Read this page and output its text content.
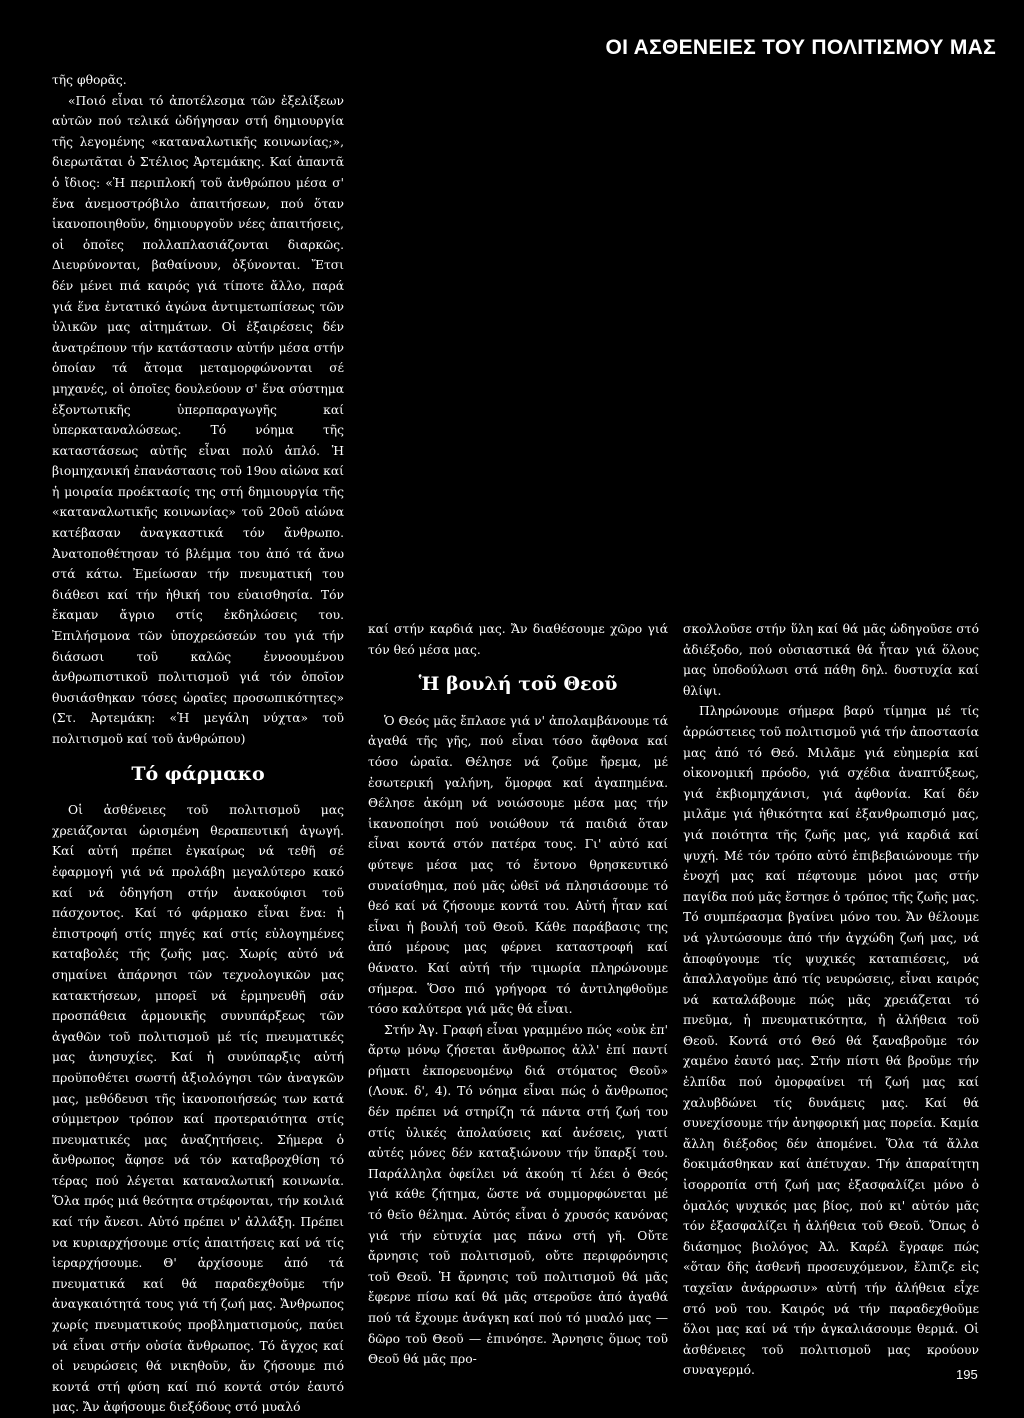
ΟΙ ΑΣΘΕΝΕΙΕΣ ΤΟΥ ΠΟΛΙΤΙΣΜΟΥ ΜΑΣ

τῆς φθορᾶς.

«Ποιό εἶναι τό ἀποτέλεσμα τῶν ἐξελίξεων αὐτῶν πού τελικά ὡδήγησαν στή δημιουργία τῆς λεγομένης «καταναλωτικῆς κοινωνίας;», διερωτᾶται ὁ Στέλιος Ἀρτεμάκης. Καί ἀπαντᾶ ὁ ἴδιος: «Ἡ περιπλοκή τοῦ ἀνθρώπου μέσα σ' ἕνα ἀνεμοστρόβιλο ἀπαιτήσεων, πού ὅταν ἱκανοποιηθοῦν, δημιουργοῦν νέες ἀπαιτήσεις, οἱ ὁποῖες πολλαπλασιάζονται διαρκῶς. Διευρύνονται, βαθαίνουν, ὀξύνονται. Ἔτσι δέν μένει πιά καιρός γιά τίποτε ἄλλο, παρά γιά ἕνα ἐντατικό ἀγώνα ἀντιμετωπίσεως τῶν ὑλικῶν μας αἰτημάτων. Οἱ ἐξαιρέσεις δέν ἀνατρέπουν τήν κατάστασιν αὐτήν μέσα στήν ὁποίαν τά ἄτομα μεταμορφώνονται σέ μηχανές, οἱ ὁποῖες δουλεύουν σ' ἕνα σύστημα ἐξοντωτικῆς ὑπερπαραγωγῆς καί ὑπερκαταναλώσεως. Τό νόημα τῆς καταστάσεως αὐτῆς εἶναι πολύ ἁπλό. Ἡ βιομηχανική ἐπανάστασις τοῦ 19ου αἰώνα καί ἡ μοιραία προέκτασίς της στή δημιουργία τῆς «καταναλωτικῆς κοινωνίας» τοῦ 20οῦ αἰώνα κατέβασαν ἀναγκαστικά τόν ἄνθρωπο. Ἀνατοποθέτησαν τό βλέμμα του ἀπό τά ἄνω στά κάτω. Ἐμείωσαν τήν πνευματική του διάθεσι καί τήν ἠθική του εὐαισθησία. Τόν ἔκαμαν ἄγριο στίς ἐκδηλώσεις του. Ἐπιλήσμονα τῶν ὑποχρεώσεών του γιά τήν διάσωσι τοῦ καλῶς ἐννοουμένου ἀνθρωπιστικοῦ πολιτισμοῦ γιά τόν ὁποῖον θυσιάσθηκαν τόσες ὡραῖες προσωπικότητες» (Στ. Ἀρτεμάκη: «Ἡ μεγάλη νύχτα» τοῦ πολιτισμοῦ καί τοῦ ἀνθρώπου)

Τό φάρμακο

Οἱ ἀσθένειες τοῦ πολιτισμοῦ μας χρειάζονται ὡρισμένη θεραπευτική ἀγωγή. Καί αὐτή πρέπει ἐγκαίρως νά τεθῆ σέ ἐφαρμογή γιά νά προλάβη μεγαλύτερο κακό καί νά ὁδηγήση στήν ἀνακούφισι τοῦ πάσχοντος. Καί τό φάρμακο εἶναι ἕνα: ἡ ἐπιστροφή στίς πηγές καί στίς εὐλογημένες καταβολές τῆς ζωῆς μας. Χωρίς αὐτό νά σημαίνει ἀπάρνησι τῶν τεχνολογικῶν μας κατακτήσεων, μπορεῖ νά ἑρμηνευθῆ σάν προσπάθεια ἁρμονικῆς συνυπάρξεως τῶν ἀγαθῶν τοῦ πολιτισμοῦ μέ τίς πνευματικές μας ἀνησυχίες. Καί ἡ συνύπαρξις αὐτή προϋποθέτει σωστή ἀξιολόγησι τῶν ἀναγκῶν μας, μεθόδευσι τῆς ἱκανοποιήσεώς των κατά σύμμετρον τρόπον καί προτεραιότητα στίς πνευματικές μας ἀναζητήσεις. Σήμερα ὁ ἄνθρωπος ἄφησε νά τόν καταβροχθίση τό τέρας πού λέγεται καταναλωτική κοινωνία. Ὅλα πρός μιά θεότητα στρέφονται, τήν κοιλιά καί τήν ἄνεσι. Αὐτό πρέπει ν' ἀλλάξη. Πρέπει να κυριαρχήσουμε στίς ἀπαιτήσεις καί νά τίς ἱεραρχήσουμε. Θ' ἀρχίσουμε ἀπό τά πνευματικά καί θά παραδεχθοῦμε τήν ἀναγκαιότητά τους γιά τή ζωή μας. Ἄνθρωπος χωρίς πνευματικούς προβληματισμούς, παύει νά εἶναι στήν οὐσία ἄνθρωπος. Τό ἄγχος καί οἱ νευρώσεις θά νικηθοῦν, ἄν ζήσουμε πιό κοντά στή φύση καί πιό κοντά στόν ἑαυτό μας. Ἄν ἀφήσουμε διεξόδους στό μυαλό

καί στήν καρδιά μας. Ἄν διαθέσουμε χῶρο γιά τόν θεό μέσα μας.

Ἡ βουλή τοῦ Θεοῦ

Ὁ Θεός μᾶς ἔπλασε γιά ν' ἀπολαμβάνουμε τά ἀγαθά τῆς γῆς, πού εἶναι τόσο ἄφθονα καί τόσο ὡραῖα. Θέλησε νά ζοῦμε ἤρεμα, μέ ἐσωτερική γαλήνη, ὅμορφα καί ἀγαπημένα. Θέλησε ἀκόμη νά νοιώσουμε μέσα μας τήν ἱκανοποίησι πού νοιώθουν τά παιδιά ὅταν εἶναι κοντά στόν πατέρα τους. Γι' αὐτό καί φύτεψε μέσα μας τό ἔντονο θρησκευτικό συναίσθημα, πού μᾶς ὠθεῖ νά πλησιάσουμε τό θεό καί νά ζήσουμε κοντά του. Αὐτή ἦταν καί εἶναι ἡ βουλή τοῦ Θεοῦ. Κάθε παράβασις της ἀπό μέρους μας φέρνει καταστροφή καί θάνατο. Καί αὐτή τήν τιμωρία πληρώνουμε σήμερα. Ὅσο πιό γρήγορα τό ἀντιληφθοῦμε τόσο καλύτερα γιά μᾶς θά εἶναι.

Στήν Ἁγ. Γραφή εἶναι γραμμένο πώς «οὐκ ἐπ' ἄρτῳ μόνῳ ζήσεται ἄνθρωπος ἀλλ' ἐπί παντί ρήματι ἐκπορευομένῳ διά στόματος Θεοῦ» (Λουκ. δ', 4). Τό νόημα εἶναι πώς ὁ ἄνθρωπος δέν πρέπει νά στηρίζη τά πάντα στή ζωή του στίς ὑλικές ἀπολαύσεις καί ἀνέσεις, γιατί αὐτές μόνες δέν καταξιώνουν τήν ὕπαρξί του. Παράλληλα ὀφείλει νά ἀκούη τί λέει ὁ Θεός γιά κάθε ζήτημα, ὥστε νά συμμορφώνεται μέ τό θεῖο θέλημα. Αὐτός εἶναι ὁ χρυσός κανόνας γιά τήν εὐτυχία μας πάνω στή γῆ. Οὔτε ἄρνησις τοῦ πολιτισμοῦ, οὔτε περιφρόνησις τοῦ Θεοῦ. Ἡ ἄρνησις τοῦ πολιτισμοῦ θά μᾶς ἔφερνε πίσω καί θά μᾶς στεροῦσε ἀπό ἀγαθά πού τά ἔχουμε ἀνάγκη καί πού τό μυαλό μας — δῶρο τοῦ Θεοῦ — ἐπινόησε. Ἄρνησις ὅμως τοῦ Θεοῦ θά μᾶς προ-

σκολλοῦσε στήν ὕλη καί θά μᾶς ὡδηγοῦσε στό ἀδιέξοδο, πού οὐσιαστικά θά ἦταν γιά ὅλους μας ὑποδούλωσι στά πάθη δηλ. δυστυχία καί θλίψι.

Πληρώνουμε σήμερα βαρύ τίμημα μέ τίς ἀρρώστειες τοῦ πολιτισμοῦ γιά τήν ἀποστασία μας ἀπό τό Θεό. Μιλᾶμε γιά εὐημερία καί οἰκονομική πρόοδο, γιά σχέδια ἀναπτύξεως, γιά ἐκβιομηχάνισι, γιά ἀφθονία. Καί δέν μιλᾶμε γιά ἠθικότητα καί ἐξανθρωπισμό μας, γιά ποιότητα τῆς ζωῆς μας, γιά καρδιά καί ψυχή. Μέ τόν τρόπο αὐτό ἐπιβεβαιώνουμε τήν ἐνοχή μας καί πέφτουμε μόνοι μας στήν παγίδα πού μᾶς ἔστησε ὁ τρόπος τῆς ζωῆς μας. Τό συμπέρασμα βγαίνει μόνο του. Ἄν θέλουμε νά γλυτώσουμε ἀπό τήν ἀγχώδη ζωή μας, νά ἀποφύγουμε τίς ψυχικές καταπιέσεις, νά ἀπαλλαγοῦμε ἀπό τίς νευρώσεις, εἶναι καιρός νά καταλάβουμε πώς μᾶς χρειάζεται τό πνεῦμα, ἡ πνευματικότητα, ἡ ἀλήθεια τοῦ Θεοῦ. Κοντά στό Θεό θά ξαναβροῦμε τόν χαμένο ἑαυτό μας. Στήν πίστι θά βροῦμε τήν ἐλπίδα πού ὀμορφαίνει τή ζωή μας καί χαλυβδώνει τίς δυνάμεις μας. Καί θά συνεχίσουμε τήν ἀνηφορική μας πορεία. Καμία ἄλλη διέξοδος δέν ἀπομένει. Ὅλα τά ἄλλα δοκιμάσθηκαν καί ἀπέτυχαν. Τήν ἀπαραίτητη ἰσορροπία στή ζωή μας ἐξασφαλίζει μόνο ὁ ὁμαλός ψυχικός μας βίος, πού κι' αὐτόν μᾶς τόν ἐξασφαλίζει ἡ ἀλήθεια τοῦ Θεοῦ. Ὅπως ὁ διάσημος βιολόγος Ἀλ. Καρέλ ἔγραφε πώς «ὅταν δῆς ἀσθενῆ προσευχόμενον, ἔλπιζε εἰς ταχεῖαν ἀνάρρωσιν» αὐτή τήν ἀλήθεια εἶχε στό νοῦ του. Καιρός νά τήν παραδεχθοῦμε ὅλοι μας καί νά τήν ἀγκαλιάσουμε θερμά. Οἱ ἀσθένειες τοῦ πολιτισμοῦ μας κρούουν συναγερμό.	195
